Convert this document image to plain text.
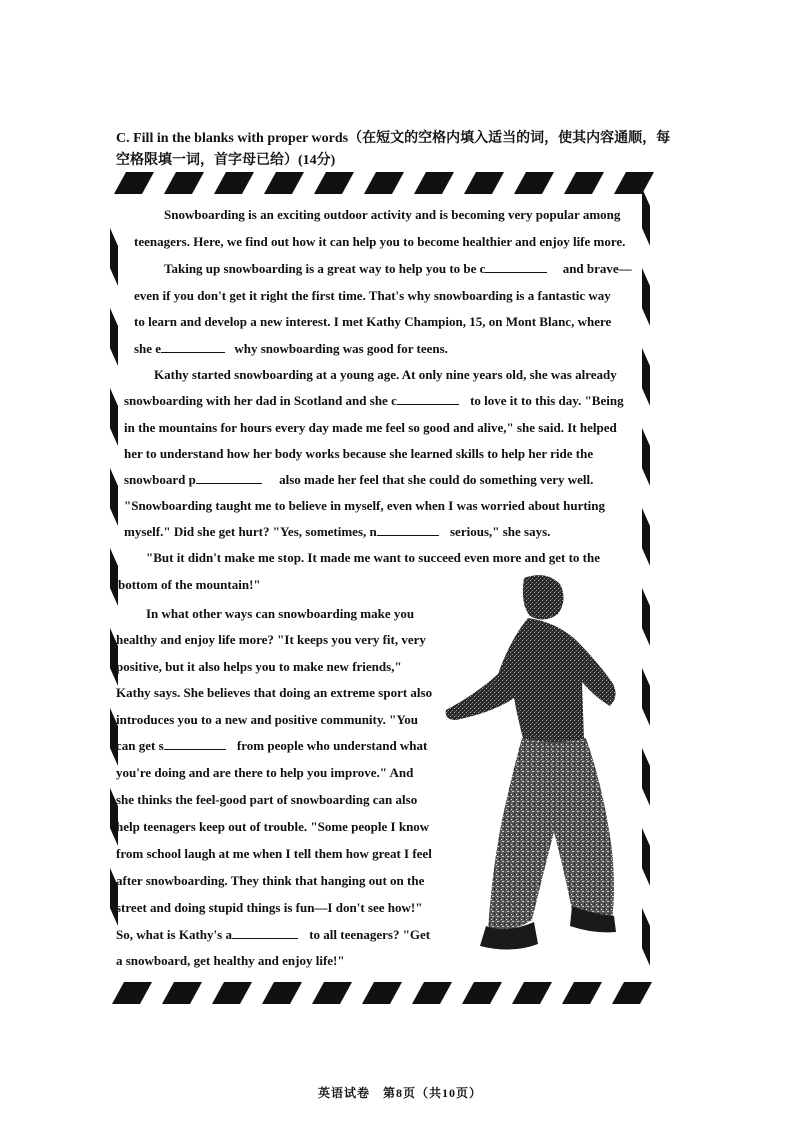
C. Fill in the blanks with proper words（在短文的空格内填入适当的词，使其内容通顺，每
空格限填一词，首字母已给）(14分)
Snowboarding is an exciting outdoor activity and is becoming very popular among
teenagers. Here, we find out how it can help you to become healthier and enjoy life more.
Taking up snowboarding is a great way to help you to be c	and brave—
even if you don't get it right the first time. That's why snowboarding is a fantastic way
to learn and develop a new interest. I met Kathy Champion, 15, on Mont Blanc, where
she e	why snowboarding was good for teens.
Kathy started snowboarding at a young age. At only nine years old, she was already
snowboarding with her dad in Scotland and she c	to love it to this day. "Being
in the mountains for hours every day made me feel so good and alive," she said. It helped
her to understand how her body works because she learned skills to help her ride the
snowboard p	also made her feel that she could do something very well.
"Snowboarding taught me to believe in myself, even when I was worried about hurting
myself." Did she get hurt? "Yes, sometimes, n	serious," she says.
"But it didn't make me stop. It made me want to succeed even more and get to the
bottom of the mountain!"
In what other ways can snowboarding make you
healthy and enjoy life more? "It keeps you very fit, very
positive, but it also helps you to make new friends,"
Kathy says. She believes that doing an extreme sport also
introduces you to a new and positive community. "You
can get s	from people who understand what
you're doing and are there to help you improve." And
she thinks the feel-good part of snowboarding can also
help teenagers keep out of trouble. "Some people I know
from school laugh at me when I tell them how great I feel
after snowboarding. They think that hanging out on the
street and doing stupid things is fun—I don't see how!"
So, what is Kathy's a	to all teenagers? "Get
a snowboard, get healthy and enjoy life!"
英语试卷　第8页（共10页）
